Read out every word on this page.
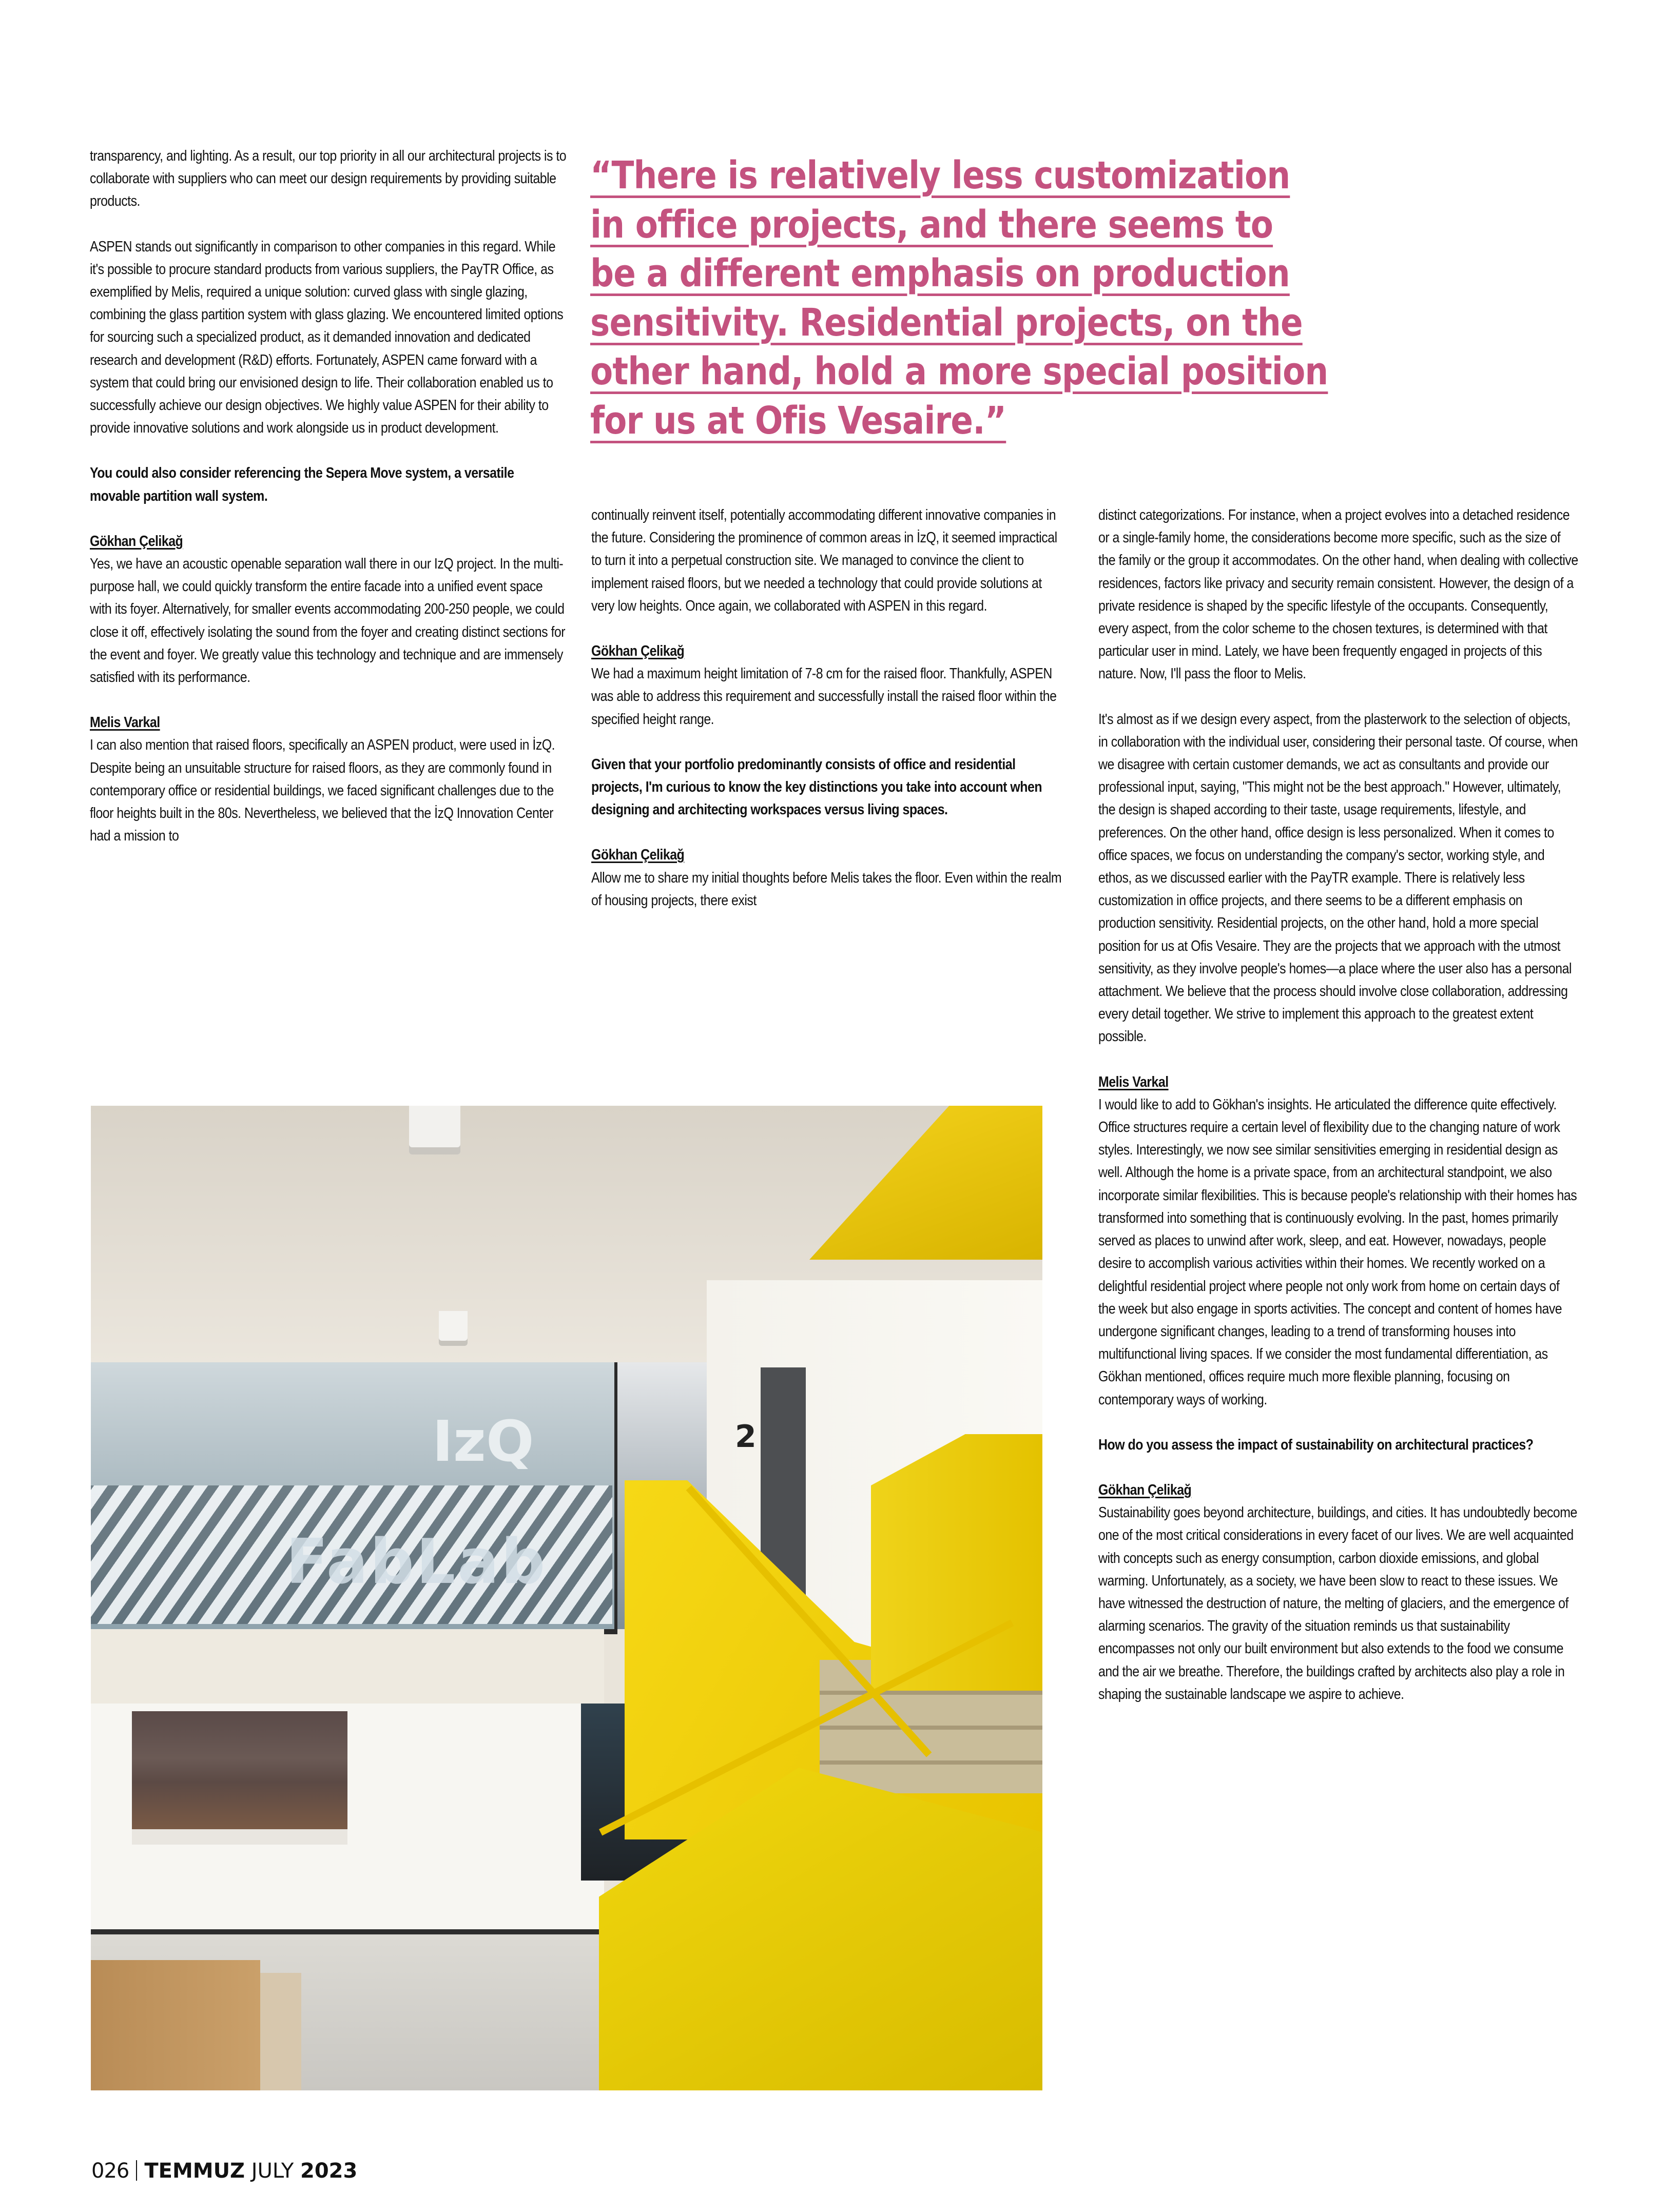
“There is relatively less customization
in office projects, and there seems to
be a different emphasis on production
sensitivity. Residential projects, on the
other hand, hold a more special position
for us at Ofis Vesaire.”

transparency, and lighting. As a result, our top priority in all our architectural projects is to collaborate with suppliers who can meet our design requirements by providing suitable products.

ASPEN stands out significantly in comparison to other companies in this regard. While it's possible to procure standard products from various suppliers, the PayTR Office, as exemplified by Melis, required a unique solution: curved glass with single glazing, combining the glass partition system with glass glazing. We encountered limited options for sourcing such a specialized product, as it demanded innovation and dedicated research and development (R&D) efforts. Fortunately, ASPEN came forward with a system that could bring our envisioned design to life. Their collaboration enabled us to successfully achieve our design objectives. We highly value ASPEN for their ability to provide innovative solutions and work alongside us in product development.

You could also consider referencing the Sepera Move system, a versatile movable partition wall system.

Gökhan Çelikağ
Yes, we have an acoustic openable separation wall there in our IzQ project. In the multi-purpose hall, we could quickly transform the entire facade into a unified event space with its foyer. Alternatively, for smaller events accommodating 200-250 people, we could close it off, effectively isolating the sound from the foyer and creating distinct sections for the event and foyer. We greatly value this technology and technique and are immensely satisfied with its performance.

Melis Varkal
I can also mention that raised floors, specifically an ASPEN product, were used in İzQ. Despite being an unsuitable structure for raised floors, as they are commonly found in contemporary office or residential buildings, we faced significant challenges due to the floor heights built in the 80s. Nevertheless, we believed that the İzQ Innovation Center had a mission to

continually reinvent itself, potentially accommodating different innovative companies in the future. Considering the prominence of common areas in İzQ, it seemed impractical to turn it into a perpetual construction site. We managed to convince the client to implement raised floors, but we needed a technology that could provide solutions at very low heights. Once again, we collaborated with ASPEN in this regard.

Gökhan Çelikağ
We had a maximum height limitation of 7-8 cm for the raised floor. Thankfully, ASPEN was able to address this requirement and successfully install the raised floor within the specified height range.

Given that your portfolio predominantly consists of office and residential projects, I'm curious to know the key distinctions you take into account when designing and architecting workspaces versus living spaces.

Gökhan Çelikağ
Allow me to share my initial thoughts before Melis takes the floor. Even within the realm of housing projects, there exist

distinct categorizations. For instance, when a project evolves into a detached residence or a single-family home, the considerations become more specific, such as the size of the family or the group it accommodates. On the other hand, when dealing with collective residences, factors like privacy and security remain consistent. However, the design of a private residence is shaped by the specific lifestyle of the occupants. Consequently, every aspect, from the color scheme to the chosen textures, is determined with that particular user in mind. Lately, we have been frequently engaged in projects of this nature. Now, I'll pass the floor to Melis.

It's almost as if we design every aspect, from the plasterwork to the selection of objects, in collaboration with the individual user, considering their personal taste. Of course, when we disagree with certain customer demands, we act as consultants and provide our professional input, saying, "This might not be the best approach." However, ultimately, the design is shaped according to their taste, usage requirements, lifestyle, and preferences. On the other hand, office design is less personalized. When it comes to office spaces, we focus on understanding the company's sector, working style, and ethos, as we discussed earlier with the PayTR example. There is relatively less customization in office projects, and there seems to be a different emphasis on production sensitivity. Residential projects, on the other hand, hold a more special position for us at Ofis Vesaire. They are the projects that we approach with the utmost sensitivity, as they involve people's homes—a place where the user also has a personal attachment. We believe that the process should involve close collaboration, addressing every detail together. We strive to implement this approach to the greatest extent possible.

Melis Varkal
I would like to add to Gökhan's insights. He articulated the difference quite effectively. Office structures require a certain level of flexibility due to the changing nature of work styles. Interestingly, we now see similar sensitivities emerging in residential design as well. Although the home is a private space, from an architectural standpoint, we also incorporate similar flexibilities. This is because people's relationship with their homes has transformed into something that is continuously evolving. In the past, homes primarily served as places to unwind after work, sleep, and eat. However, nowadays, people desire to accomplish various activities within their homes. We recently worked on a delightful residential project where people not only work from home on certain days of the week but also engage in sports activities. The concept and content of homes have undergone significant changes, leading to a trend of transforming houses into multifunctional living spaces. If we consider the most fundamental differentiation, as Gökhan mentioned, offices require much more flexible planning, focusing on contemporary ways of working.

How do you assess the impact of sustainability on architectural practices?

Gökhan Çelikağ
Sustainability goes beyond architecture, buildings, and cities. It has undoubtedly become one of the most critical considerations in every facet of our lives. We are well acquainted with concepts such as energy consumption, carbon dioxide emissions, and global warming. Unfortunately, as a society, we have been slow to react to these issues. We have witnessed the destruction of nature, the melting of glaciers, and the emergence of alarming scenarios. The gravity of the situation reminds us that sustainability encompasses not only our built environment but also extends to the food we consume and the air we breathe. Therefore, the buildings crafted by architects also play a role in shaping the sustainable landscape we aspire to achieve.

IzQ
FabLab
2
026 TEMMUZ JULY 2023
